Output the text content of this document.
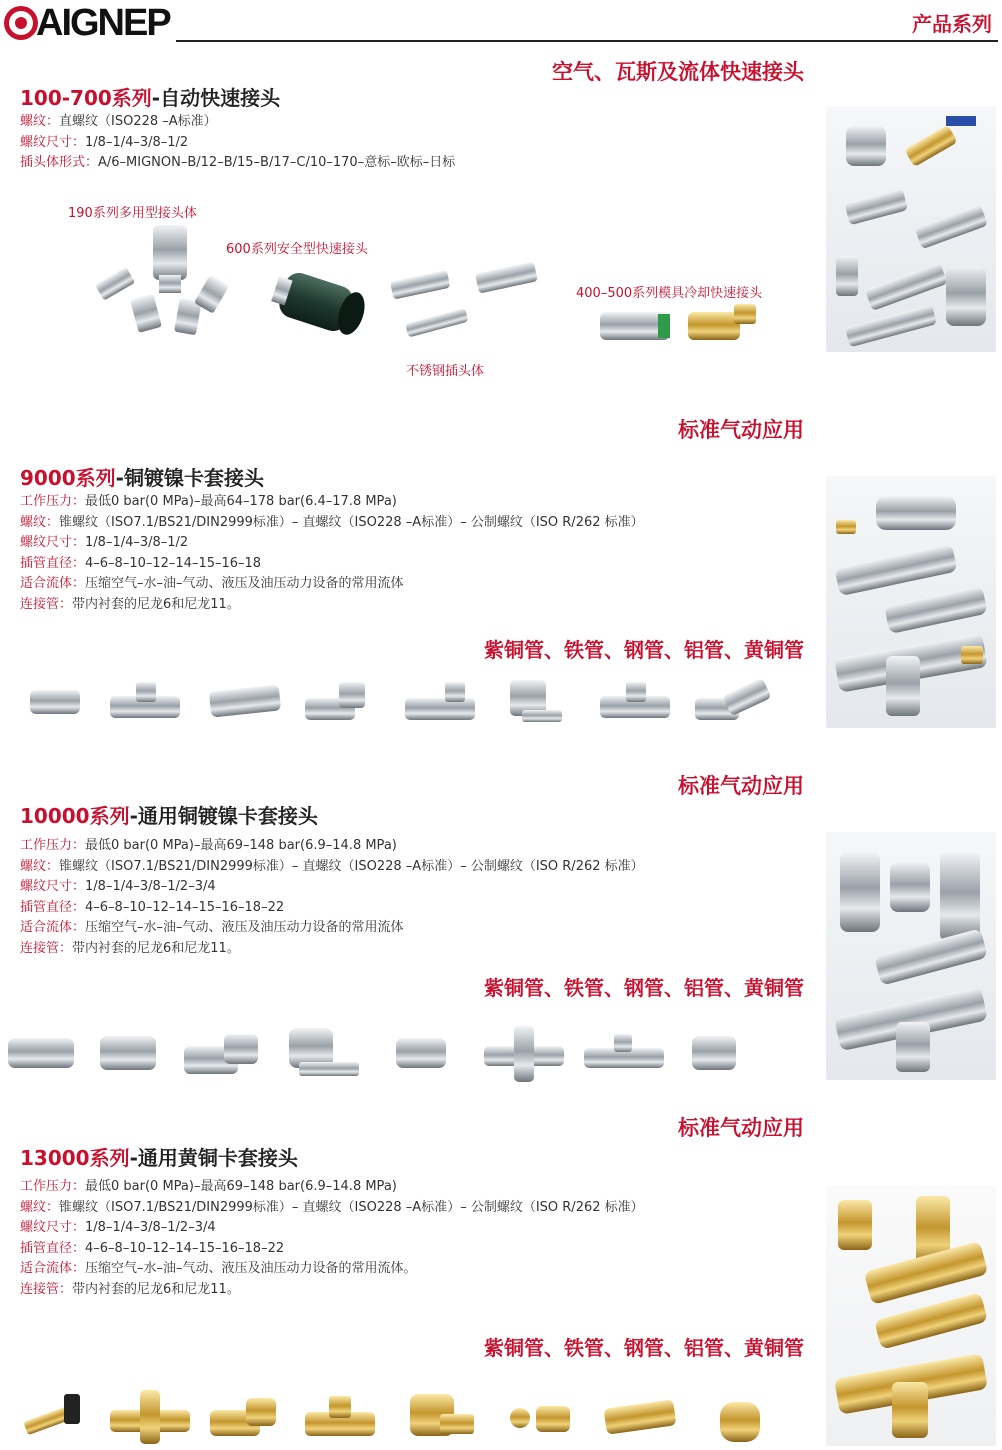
AIGNEP	产品系列
空气、瓦斯及流体快速接头
100-700系列-自动快速接头
螺纹：直螺纹（ISO228 –A标准）
螺纹尺寸：1/8–1/4–3/8–1/2
插头体形式：A/6–MIGNON–B/12–B/15–B/17–C/10–170–意标–欧标–日标
190系列多用型接头体
600系列安全型快速接头
不锈钢插头体
400–500系列模具冷却快速接头
标准气动应用
9000系列-铜镀镍卡套接头
工作压力：最低0 bar(0 MPa)–最高64–178 bar(6.4–17.8 MPa)
螺纹：锥螺纹（ISO7.1/BS21/DIN2999标准）– 直螺纹（ISO228 –A标准）– 公制螺纹（ISO R/262 标准）
螺纹尺寸：1/8–1/4–3/8–1/2
插管直径：4–6–8–10–12–14–15–16–18
适合流体：压缩空气–水–油–气动、液压及油压动力设备的常用流体
连接管：带内衬套的尼龙6和尼龙11。
紫铜管、铁管、钢管、铝管、黄铜管
标准气动应用
10000系列-通用铜镀镍卡套接头
工作压力：最低0 bar(0 MPa)–最高69–148 bar(6.9–14.8 MPa)
螺纹：锥螺纹（ISO7.1/BS21/DIN2999标准）– 直螺纹（ISO228 –A标准）– 公制螺纹（ISO R/262 标准）
螺纹尺寸：1/8–1/4–3/8–1/2–3/4
插管直径：4–6–8–10–12–14–15–16–18–22
适合流体：压缩空气–水–油–气动、液压及油压动力设备的常用流体
连接管：带内衬套的尼龙6和尼龙11。
紫铜管、铁管、钢管、铝管、黄铜管
标准气动应用
13000系列-通用黄铜卡套接头
工作压力：最低0 bar(0 MPa)–最高69–148 bar(6.9–14.8 MPa)
螺纹：锥螺纹（ISO7.1/BS21/DIN2999标准）– 直螺纹（ISO228 –A标准）– 公制螺纹（ISO R/262 标准）
螺纹尺寸：1/8–1/4–3/8–1/2–3/4
插管直径：4–6–8–10–12–14–15–16–18–22
适合流体：压缩空气–水–油–气动、液压及油压动力设备的常用流体。
连接管：带内衬套的尼龙6和尼龙11。
紫铜管、铁管、钢管、铝管、黄铜管
